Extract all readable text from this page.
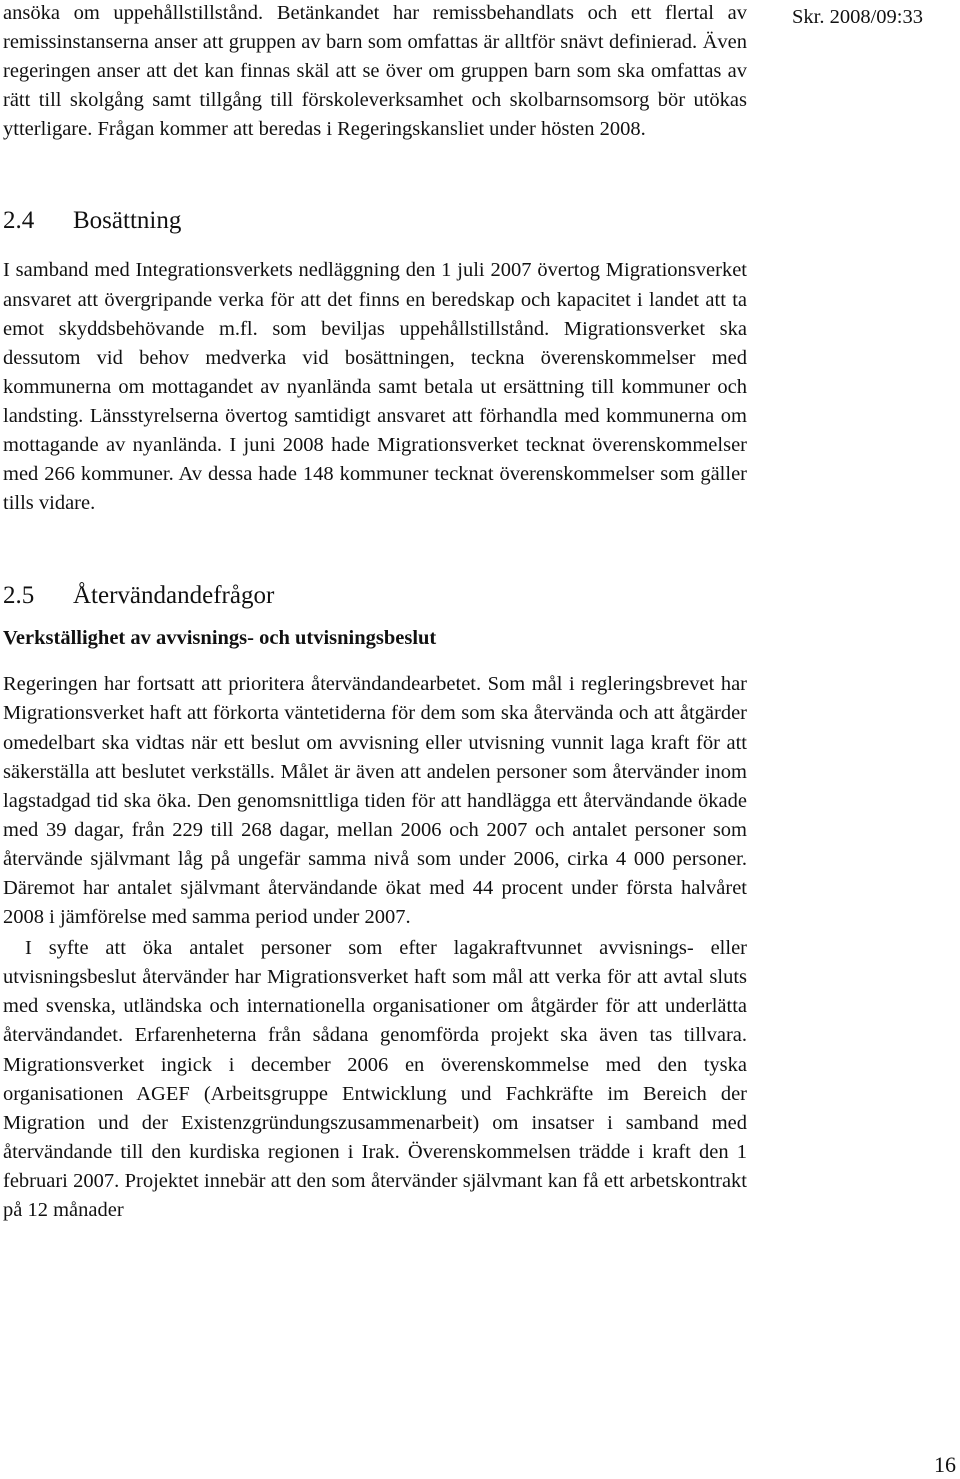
Skr. 2008/09:33

ansöka om uppehållstillstånd. Betänkandet har remissbehandlats och ett flertal av remissinstanserna anser att gruppen av barn som omfattas är alltför snävt definierad. Även regeringen anser att det kan finnas skäl att se över om gruppen barn som ska omfattas av rätt till skolgång samt tillgång till förskoleverksamhet och skolbarnsomsorg bör utökas ytterligare. Frågan kommer att beredas i Regeringskansliet under hösten 2008.

2.4 Bosättning

I samband med Integrationsverkets nedläggning den 1 juli 2007 övertog Migrationsverket ansvaret att övergripande verka för att det finns en beredskap och kapacitet i landet att ta emot skyddsbehövande m.fl. som beviljas uppehållstillstånd. Migrationsverket ska dessutom vid behov medverka vid bosättningen, teckna överenskommelser med kommunerna om mottagandet av nyanlända samt betala ut ersättning till kommuner och landsting. Länsstyrelserna övertog samtidigt ansvaret att förhandla med kommunerna om mottagande av nyanlända. I juni 2008 hade Migrationsverket tecknat överenskommelser med 266 kommuner. Av dessa hade 148 kommuner tecknat överenskommelser som gäller tills vidare.

2.5 Återvändandefrågor
Verkställighet av avvisnings- och utvisningsbeslut

Regeringen har fortsatt att prioritera återvändandearbetet. Som mål i regleringsbrevet har Migrationsverket haft att förkorta väntetiderna för dem som ska återvända och att åtgärder omedelbart ska vidtas när ett beslut om avvisning eller utvisning vunnit laga kraft för att säkerställa att beslutet verkställs. Målet är även att andelen personer som återvänder inom lagstadgad tid ska öka. Den genomsnittliga tiden för att handlägga ett återvändande ökade med 39 dagar, från 229 till 268 dagar, mellan 2006 och 2007 och antalet personer som återvände självmant låg på ungefär samma nivå som under 2006, cirka 4 000 personer. Däremot har antalet självmant återvändande ökat med 44 procent under första halvåret 2008 i jämförelse med samma period under 2007.

I syfte att öka antalet personer som efter lagakraftvunnet avvisnings- eller utvisningsbeslut återvänder har Migrationsverket haft som mål att verka för att avtal sluts med svenska, utländska och internationella organisationer om åtgärder för att underlätta återvändandet. Erfarenheterna från sådana genomförda projekt ska även tas tillvara. Migrationsverket ingick i december 2006 en överenskommelse med den tyska organisationen AGEF (Arbeitsgruppe Entwicklung und Fachkräfte im Bereich der Migration und der Existenzgründungszusammenarbeit) om insatser i samband med återvändande till den kurdiska regionen i Irak. Överenskommelsen trädde i kraft den 1 februari 2007. Projektet innebär att den som återvänder självmant kan få ett arbetskontrakt på 12 månader

16
